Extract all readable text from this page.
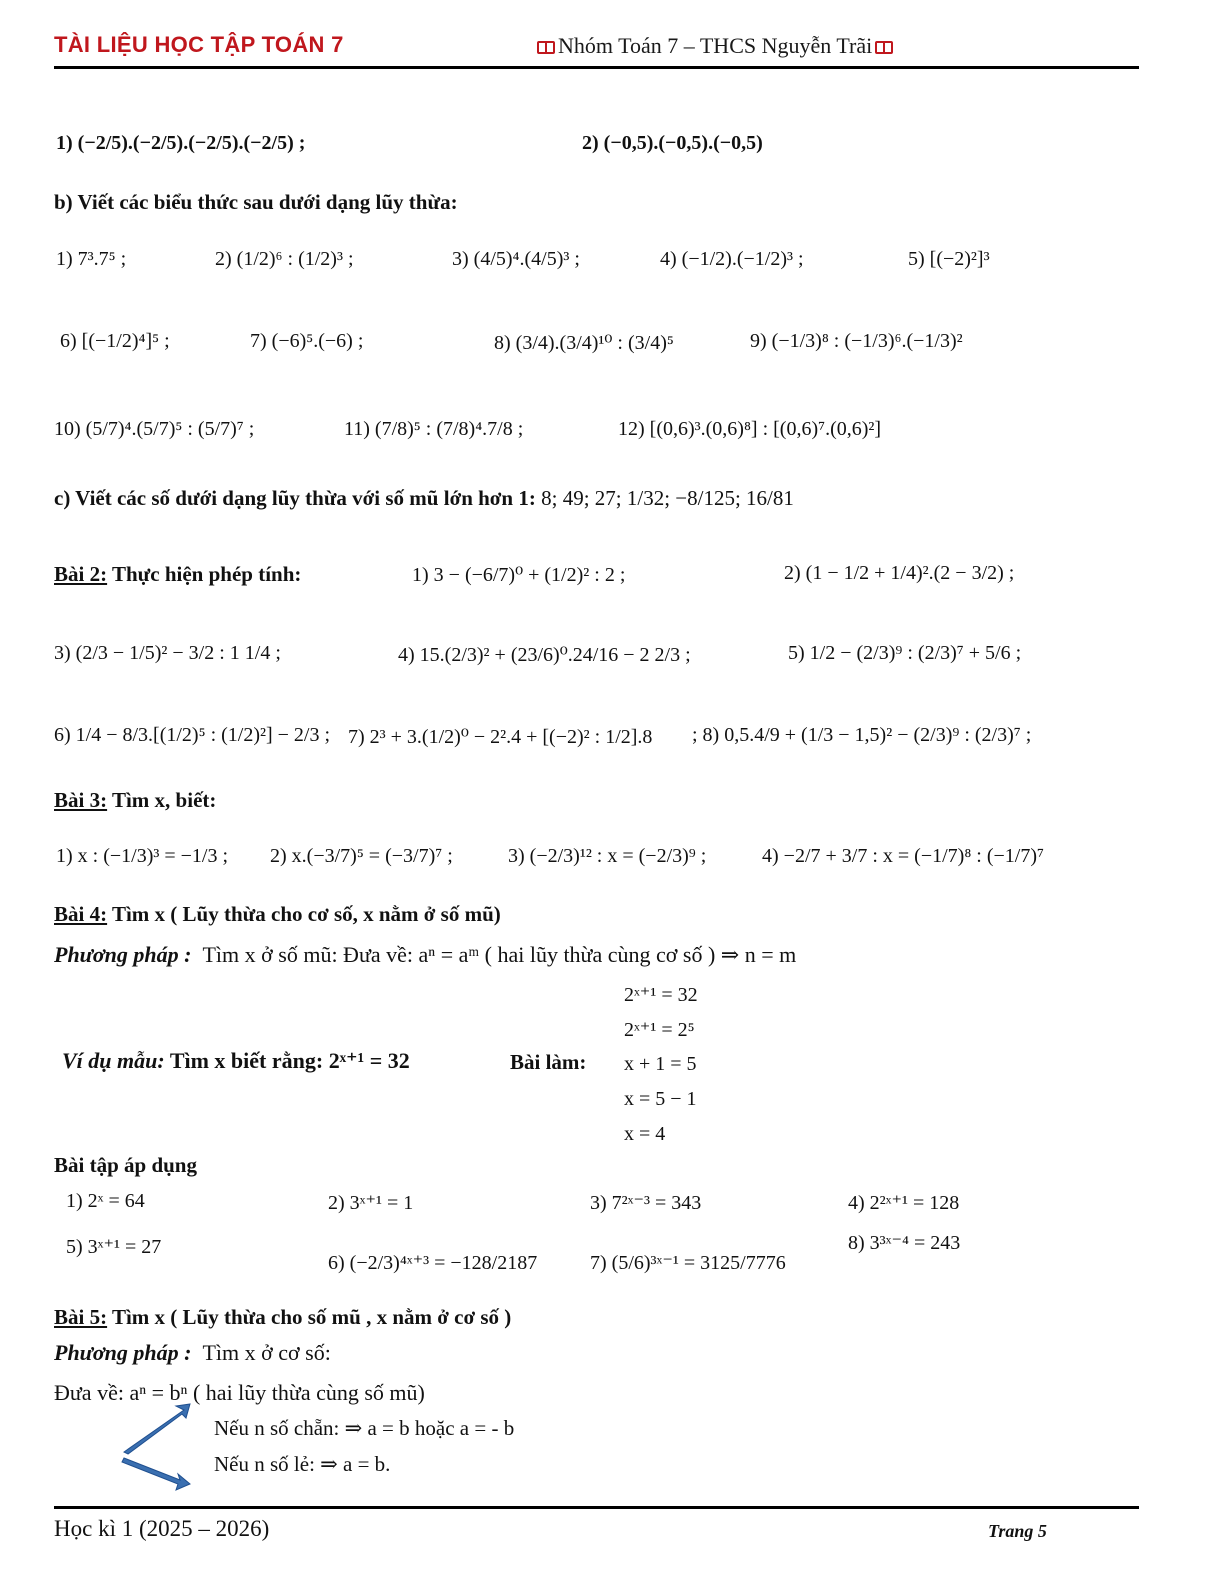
TÀI LIỆU HỌC TẬP TOÁN 7	Nhóm Toán 7 – THCS Nguyễn Trãi
1) (−2/5).(−2/5).(−2/5).(−2/5) ;	2) (−0,5).(−0,5).(−0,5)
b) Viết các biểu thức sau dưới dạng lũy thừa:
1) 7³.7⁵ ;	2) (1/2)⁶ : (1/2)³ ;	3) (4/5)⁴.(4/5)³ ;	4) (−1/2).(−1/2)³ ;	5) [(−2)²]³
6) [(−1/2)⁴]⁵ ;	7) (−6)⁵.(−6) ;	8) (3/4).(3/4)¹⁰ : (3/4)⁵	9) (−1/3)⁸ : (−1/3)⁶.(−1/3)²
10) (5/7)⁴.(5/7)⁵ : (5/7)⁷ ;	11) (7/8)⁵ : (7/8)⁴.7/8 ;	12) [(0,6)³.(0,6)⁸] : [(0,6)⁷.(0,6)²]
c) Viết các số dưới dạng lũy thừa với số mũ lớn hơn 1: 8; 49; 27; 1/32; −8/125; 16/81
Bài 2: Thực hiện phép tính:	1) 3 − (−6/7)⁰ + (1/2)² : 2 ;	2) (1 − 1/2 + 1/4)².(2 − 3/2) ;
3) (2/3 − 1/5)² − 3/2 : 1 1/4 ;	4) 15.(2/3)² + (23/6)⁰.24/16 − 2 2/3 ;	5) 1/2 − (2/3)⁹ : (2/3)⁷ + 5/6 ;
6) 1/4 − 8/3.[(1/2)⁵ : (1/2)²] − 2/3 ; 7) 2³ + 3.(1/2)⁰ − 2².4 + [(−2)² : 1/2].8 ; 8) 0,5.4/9 + (1/3 − 1,5)² − (2/3)⁹ : (2/3)⁷ ;
Bài 3: Tìm x, biết:
1) x : (−1/3)³ = −1/3 ; 2) x.(−3/7)⁵ = (−3/7)⁷ ;	3) (−2/3)¹² : x = (−2/3)⁹ ;	4) −2/7 + 3/7 : x = (−1/7)⁸ : (−1/7)⁷
Bài 4: Tìm x ( Lũy thừa cho cơ số, x nằm ở số mũ)
Phương pháp : Tìm x ở số mũ: Đưa về: aⁿ = aᵐ ( hai lũy thừa cùng cơ số ) ⇒ n = m
2ˣ⁺¹ = 32
2ˣ⁺¹ = 2⁵
Ví dụ mẫu: Tìm x biết rằng: 2ˣ⁺¹ = 32	Bài làm: x + 1 = 5
x = 5 − 1
x = 4
Bài tập áp dụng
1) 2ˣ = 64	2) 3ˣ⁺¹ = 1	3) 7²ˣ⁻³ = 343	4) 2²ˣ⁺¹ = 128
5) 3ˣ⁺¹ = 27
6) (−2/3)⁴ˣ⁺³ = −128/2187	7) (5/6)³ˣ⁻¹ = 3125/7776
8) 3³ˣ⁻⁴ = 243
Bài 5: Tìm x ( Lũy thừa cho số mũ , x nằm ở cơ số )
Phương pháp : Tìm x ở cơ số:
Đưa về: aⁿ = bⁿ ( hai lũy thừa cùng số mũ)
Nếu n số chẵn: ⇒ a = b hoặc a = - b
Nếu n số lẻ: ⇒ a = b.
Học kì 1 (2025 – 2026)	Trang 5
